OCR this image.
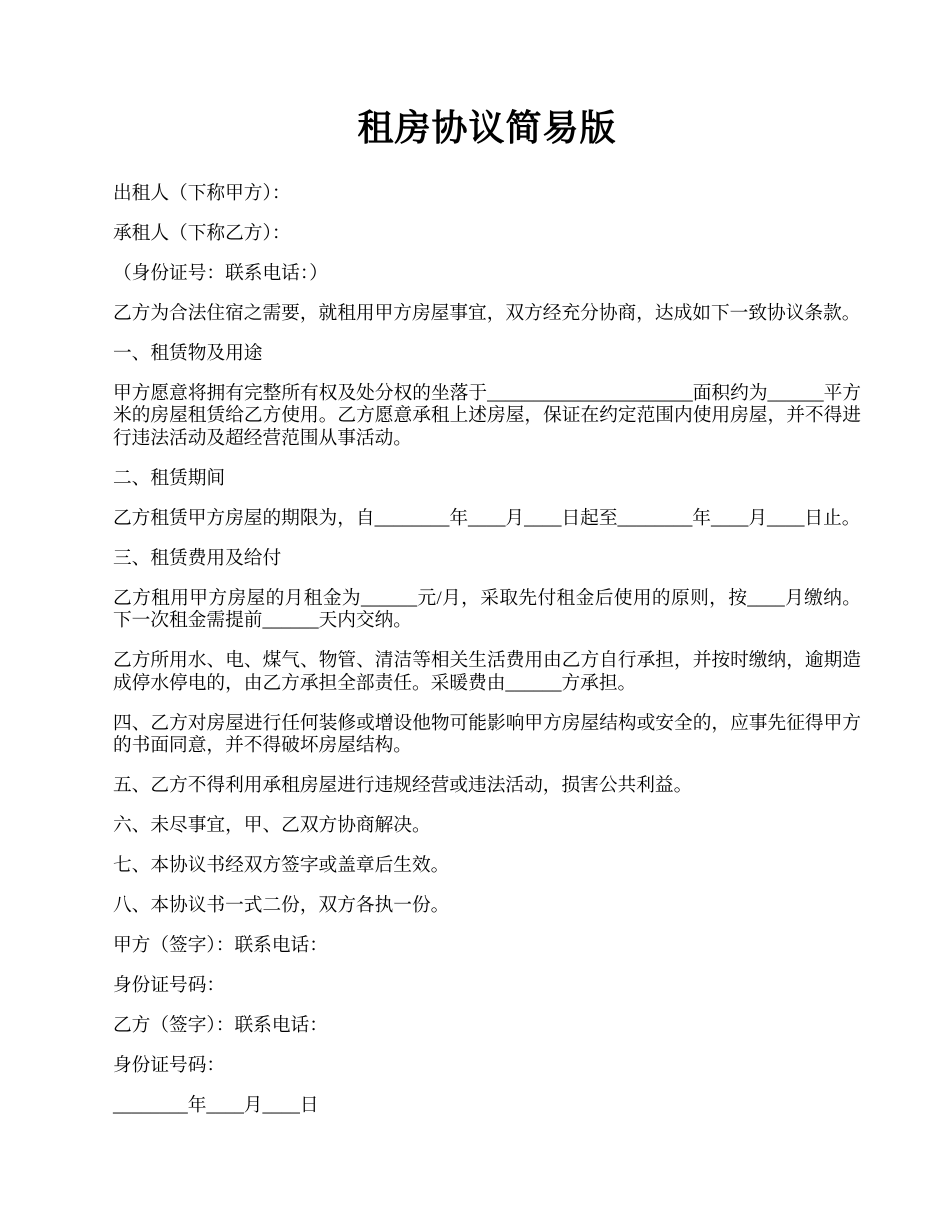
租房协议简易版

出租人（下称甲方）：

承租人（下称乙方）：

（身份证号：联系电话：）

乙方为合法住宿之需要，就租用甲方房屋事宜，双方经充分协商，达成如下一致协议条款。

一、租赁物及用途

甲方愿意将拥有完整所有权及处分权的坐落于______________________面积约为______平方米的房屋租赁给乙方使用。乙方愿意承租上述房屋，保证在约定范围内使用房屋，并不得进行违法活动及超经营范围从事活动。

二、租赁期间

乙方租赁甲方房屋的期限为，自________年____月____日起至________年____月____日止。

三、租赁费用及给付

乙方租用甲方房屋的月租金为______元/月，采取先付租金后使用的原则，按____月缴纳。下一次租金需提前______天内交纳。

乙方所用水、电、煤气、物管、清洁等相关生活费用由乙方自行承担，并按时缴纳，逾期造成停水停电的，由乙方承担全部责任。采暖费由______方承担。

四、乙方对房屋进行任何装修或增设他物可能影响甲方房屋结构或安全的，应事先征得甲方的书面同意，并不得破坏房屋结构。

五、乙方不得利用承租房屋进行违规经营或违法活动，损害公共利益。

六、未尽事宜，甲、乙双方协商解决。

七、本协议书经双方签字或盖章后生效。

八、本协议书一式二份，双方各执一份。

甲方（签字）：联系电话：

身份证号码：

乙方（签字）：联系电话：

身份证号码：

________年____月____日
